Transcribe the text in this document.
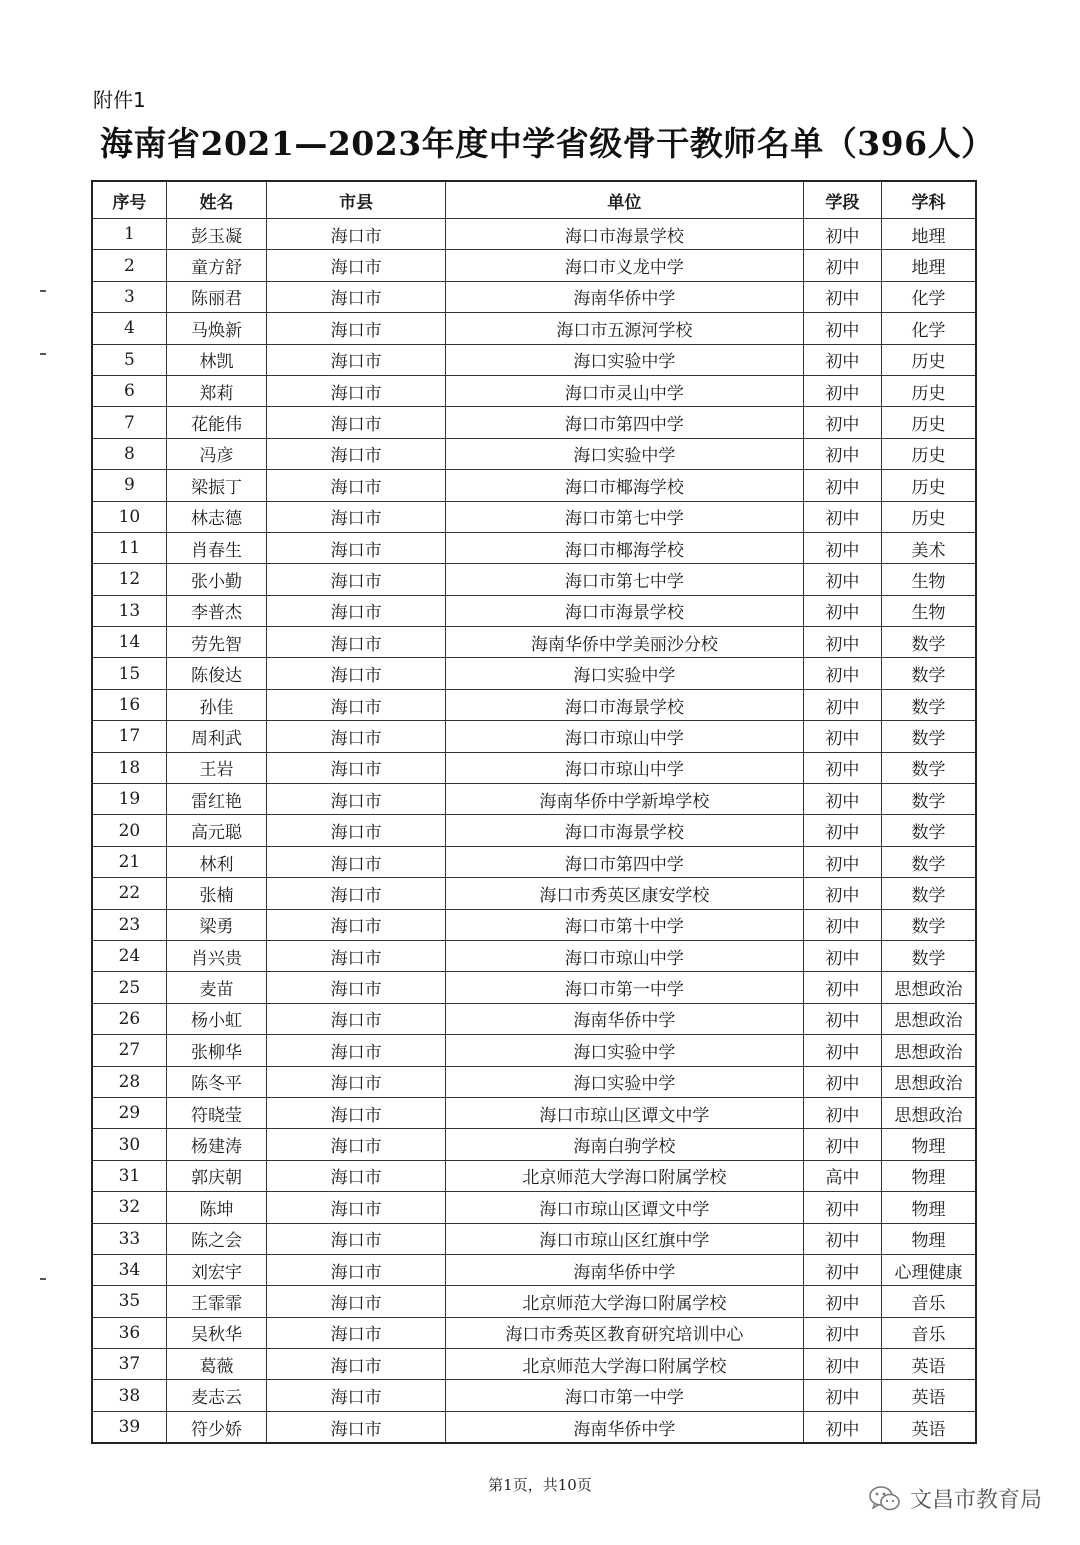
附件1
海南省2021—2023年度中学省级骨干教师名单（396人）
序号	姓名	市县	单位	学段	学科
1	彭玉凝	海口市	海口市海景学校	初中	地理
2	童方舒	海口市	海口市义龙中学	初中	地理
3	陈丽君	海口市	海南华侨中学	初中	化学
4	马焕新	海口市	海口市五源河学校	初中	化学
5	林凯	海口市	海口实验中学	初中	历史
6	郑莉	海口市	海口市灵山中学	初中	历史
7	花能伟	海口市	海口市第四中学	初中	历史
8	冯彦	海口市	海口实验中学	初中	历史
9	梁振丁	海口市	海口市椰海学校	初中	历史
10	林志德	海口市	海口市第七中学	初中	历史
11	肖春生	海口市	海口市椰海学校	初中	美术
12	张小勤	海口市	海口市第七中学	初中	生物
13	李普杰	海口市	海口市海景学校	初中	生物
14	劳先智	海口市	海南华侨中学美丽沙分校	初中	数学
15	陈俊达	海口市	海口实验中学	初中	数学
16	孙佳	海口市	海口市海景学校	初中	数学
17	周利武	海口市	海口市琼山中学	初中	数学
18	王岩	海口市	海口市琼山中学	初中	数学
19	雷红艳	海口市	海南华侨中学新埠学校	初中	数学
20	高元聪	海口市	海口市海景学校	初中	数学
21	林利	海口市	海口市第四中学	初中	数学
22	张楠	海口市	海口市秀英区康安学校	初中	数学
23	梁勇	海口市	海口市第十中学	初中	数学
24	肖兴贵	海口市	海口市琼山中学	初中	数学
25	麦苗	海口市	海口市第一中学	初中	思想政治
26	杨小虹	海口市	海南华侨中学	初中	思想政治
27	张柳华	海口市	海口实验中学	初中	思想政治
28	陈冬平	海口市	海口实验中学	初中	思想政治
29	符晓莹	海口市	海口市琼山区谭文中学	初中	思想政治
30	杨建涛	海口市	海南白驹学校	初中	物理
31	郭庆朝	海口市	北京师范大学海口附属学校	高中	物理
32	陈坤	海口市	海口市琼山区谭文中学	初中	物理
33	陈之会	海口市	海口市琼山区红旗中学	初中	物理
34	刘宏宇	海口市	海南华侨中学	初中	心理健康
35	王霏霏	海口市	北京师范大学海口附属学校	初中	音乐
36	吴秋华	海口市	海口市秀英区教育研究培训中心	初中	音乐
37	葛薇	海口市	北京师范大学海口附属学校	初中	英语
38	麦志云	海口市	海口市第一中学	初中	英语
39	符少娇	海口市	海南华侨中学	初中	英语
第1页，共10页
文昌市教育局
